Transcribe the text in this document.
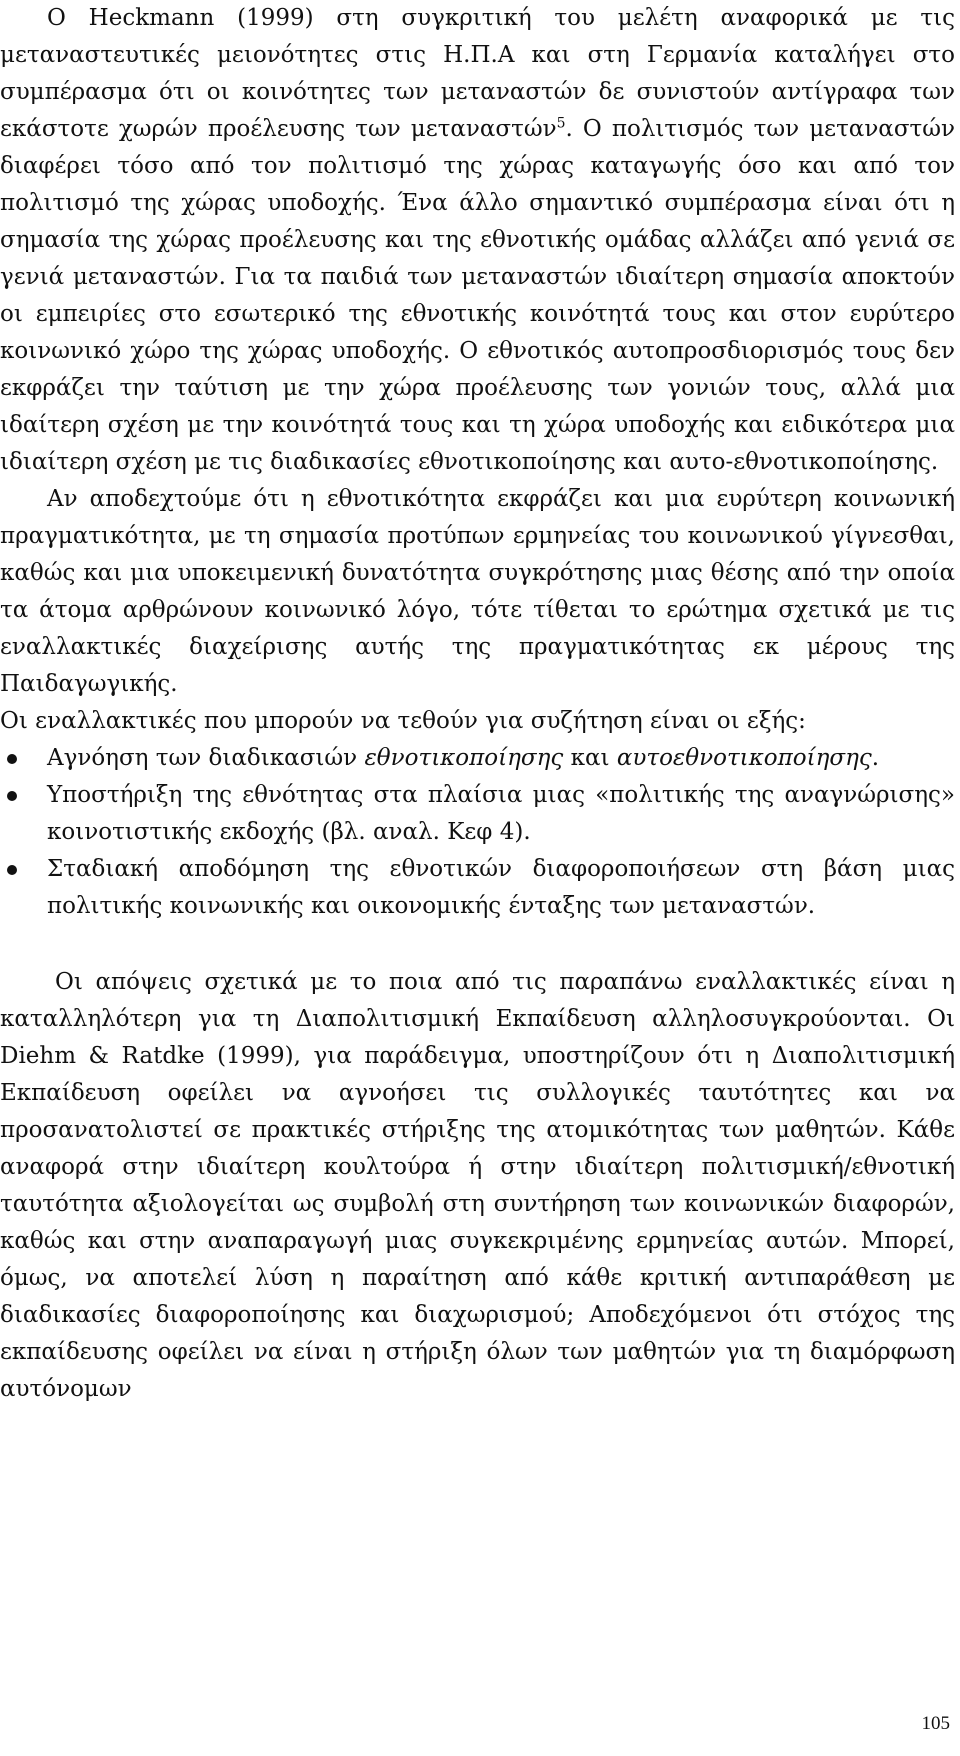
Ο Heckmann (1999) στη συγκριτική του μελέτη αναφορικά με τις μεταναστευτικές μειονότητες στις Η.Π.Α και στη Γερμανία καταλήγει στο συμπέρασμα ότι οι κοινότητες των μεταναστών δε συνιστούν αντίγραφα των εκάστοτε χωρών προέλευσης των μεταναστών$^5$. Ο πολιτισμός των μεταναστών διαφέρει τόσο από τον πολιτισμό της χώρας καταγωγής όσο και από τον πολιτισμό της χώρας υποδοχής. Ένα άλλο σημαντικό συμπέρασμα είναι ότι η σημασία της χώρας προέλευσης και της εθνοτικής ομάδας αλλάζει από γενιά σε γενιά μεταναστών. Για τα παιδιά των μεταναστών ιδιαίτερη σημασία αποκτούν οι εμπειρίες στο εσωτερικό της εθνοτικής κοινότητά τους και στον ευρύτερο κοινωνικό χώρο της χώρας υποδοχής. Ο εθνοτικός αυτοπροσδιορισμός τους δεν εκφράζει την ταύτιση με την χώρα προέλευσης των γονιών τους, αλλά μια ιδαίτερη σχέση με την κοινότητά τους και τη χώρα υποδοχής και ειδικότερα μια ιδιαίτερη σχέση με τις διαδικασίες εθνοτικοποίησης και αυτο-εθνοτικοποίησης.

Αν αποδεχτούμε ότι η εθνοτικότητα εκφράζει και μια ευρύτερη κοινωνική πραγματικότητα, με τη σημασία προτύπων ερμηνείας του κοινωνικού γίγνεσθαι, καθώς και μια υποκειμενική δυνατότητα συγκρότησης μιας θέσης από την οποία τα άτομα αρθρώνουν κοινωνικό λόγο, τότε τίθεται το ερώτημα σχετικά με τις εναλλακτικές διαχείρισης αυτής της πραγματικότητας εκ μέρους της Παιδαγωγικής.

Οι εναλλακτικές που μπορούν να τεθούν για συζήτηση είναι οι εξής:

Αγνόηση των διαδικασιών εθνοτικοποίησης και αυτοεθνοτικοποίησης.
Υποστήριξη της εθνότητας στα πλαίσια μιας «πολιτικής της αναγνώρισης» κοινοτιστικής εκδοχής (βλ. αναλ. Κεφ 4).
Σταδιακή αποδόμηση της εθνοτικών διαφοροποιήσεων στη βάση μιας πολιτικής κοινωνικής και οικονομικής ένταξης των μεταναστών.

Οι απόψεις σχετικά με το ποια από τις παραπάνω εναλλακτικές είναι η καταλληλότερη για τη Διαπολιτισμική Εκπαίδευση αλληλοσυγκρούονται. Οι Diehm & Ratdke (1999), για παράδειγμα, υποστηρίζουν ότι η Διαπολιτισμική Εκπαίδευση οφείλει να αγνοήσει τις συλλογικές ταυτότητες και να προσανατολιστεί σε πρακτικές στήριξης της ατομικότητας των μαθητών. Κάθε αναφορά στην ιδιαίτερη κουλτούρα ή στην ιδιαίτερη πολιτισμική/εθνοτική ταυτότητα αξιολογείται ως συμβολή στη συντήρηση των κοινωνικών διαφορών, καθώς και στην αναπαραγωγή μιας συγκεκριμένης ερμηνείας αυτών. Μπορεί, όμως, να αποτελεί λύση η παραίτηση από κάθε κριτική αντιπαράθεση με διαδικασίες διαφοροποίησης και διαχωρισμού; Αποδεχόμενοι ότι στόχος της εκπαίδευσης οφείλει να είναι η στήριξη όλων των μαθητών για τη διαμόρφωση αυτόνομων

105
